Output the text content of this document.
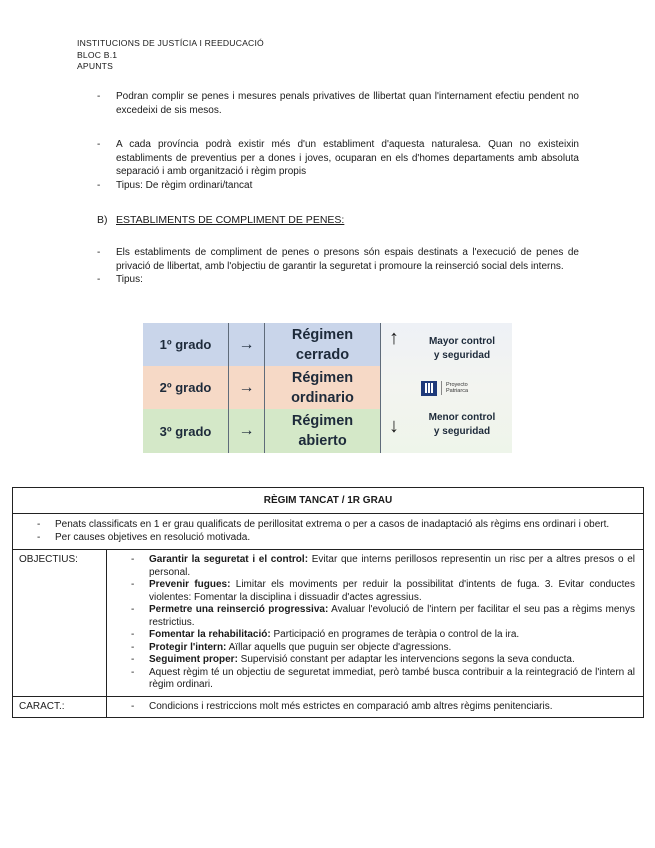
INSTITUCIONS DE JUSTÍCIA I REEDUCACIÓ
BLOC B.1
APUNTS
-	Podran complir se penes i mesures penals privatives de llibertat quan l'internament efectiu pendent no excedeixi de sis mesos.
-	A cada província podrà existir més d'un establiment d'aquesta naturalesa. Quan no existeixin establiments de preventius per a dones i joves, ocuparan en els d'homes departaments amb absoluta separació i amb organització i règim propis
-	Tipus: De règim ordinari/tancat
B) ESTABLIMENTS DE COMPLIMENT DE PENES:
-	Els establiments de compliment de penes o presons són espais destinats a l'execució de penes de privació de llibertat, amb l'objectiu de garantir la seguretat i promoure la reinserció social dels interns.
-	Tipus:
1º grado	→
Régimen
cerrado
2º grado	→
Régimen
ordinario
3º grado	→
Régimen
abierto
↑	Mayor control
y seguridad
Proyecto
Patriarca
↓	Menor control
y seguridad
RÈGIM TANCAT / 1R GRAU
-	Penats classificats en 1 er grau qualificats de perillositat extrema o per a casos de inadaptació als règims ens ordinari i obert.
-	Per causes objetives en resolució motivada.
OBJECTIUS:	-	Garantir la seguretat i el control: Evitar que interns perillosos representin un risc per a altres presos o el personal.
-	Prevenir fugues: Limitar els moviments per reduir la possibilitat d'intents de fuga. 3. Evitar conductes violentes: Fomentar la disciplina i dissuadir d'actes agressius.
-	Permetre una reinserció progressiva: Avaluar l'evolució de l'intern per facilitar el seu pas a règims menys restrictius.
-	Fomentar la rehabilitació: Participació en programes de teràpia o control de la ira.
-	Protegir l'intern: Aïllar aquells que puguin ser objecte d'agressions.
-	Seguiment proper: Supervisió constant per adaptar les intervencions segons la seva conducta.
-	Aquest règim té un objectiu de seguretat immediat, però també busca contribuir a la reintegració de l'intern al règim ordinari.
CARACT.:	-	Condicions i restriccions molt més estrictes en comparació amb altres règims penitenciaris.
